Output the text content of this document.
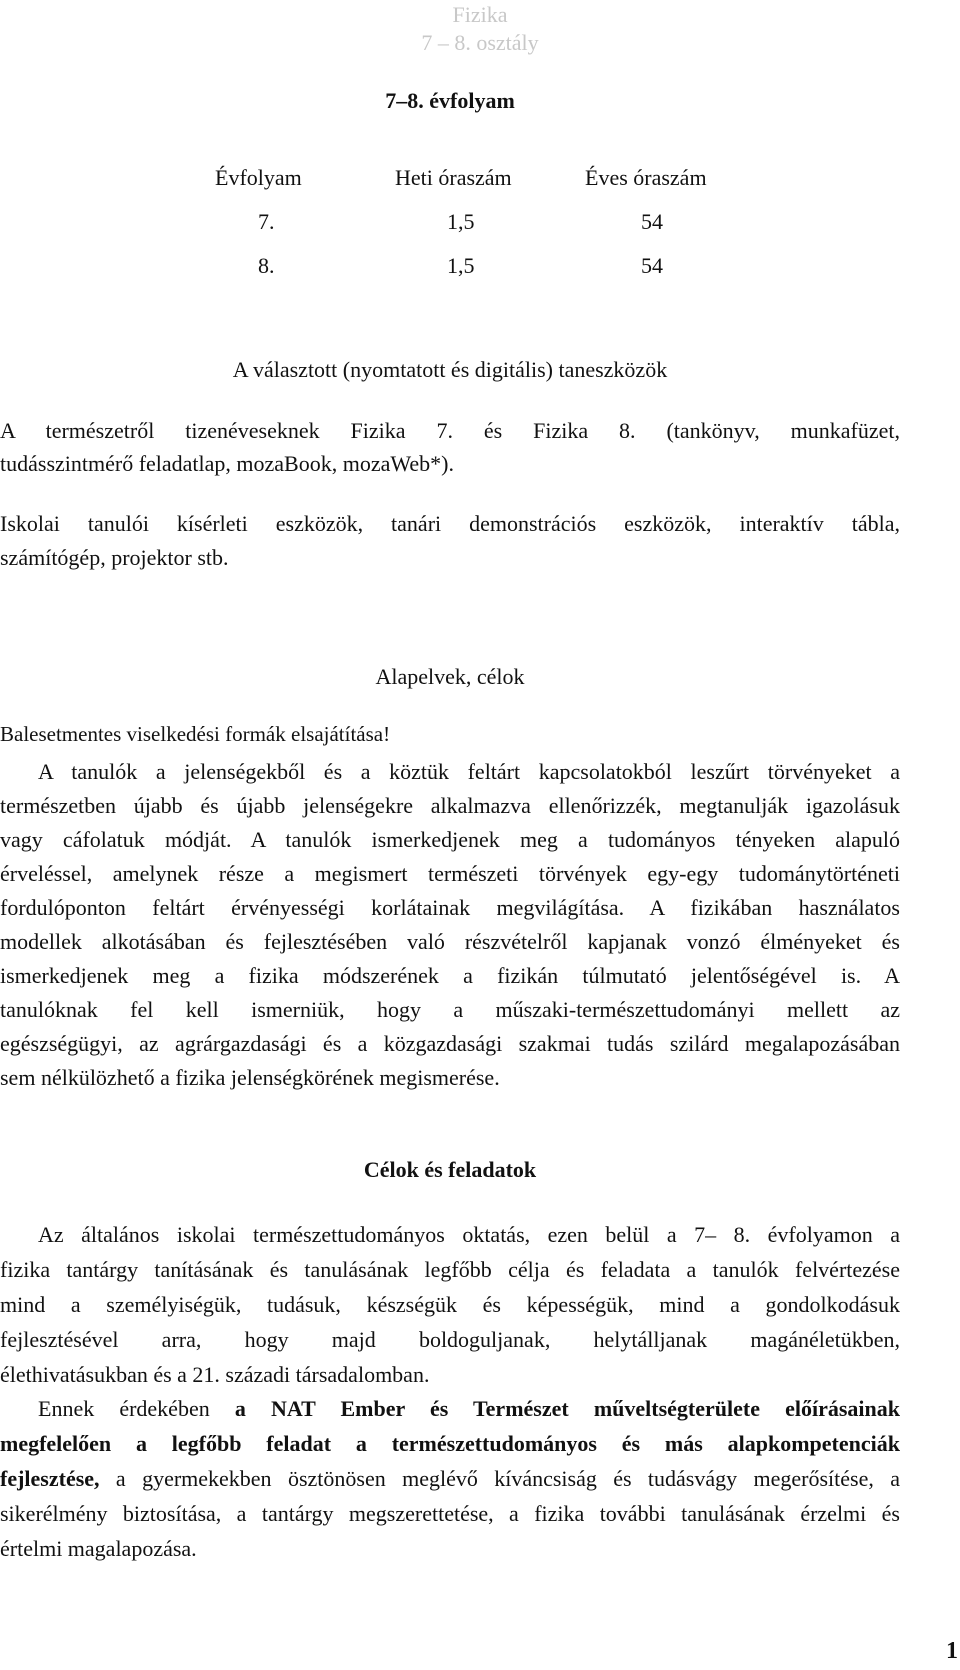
Fizika
7 – 8. osztály
7–8. évfolyam
Évfolyam	Heti óraszám	Éves óraszám
7.	1,5	54
8.	1,5	54
A választott (nyomtatott és digitális) taneszközök
A természetről tizenéveseknek Fizika 7. és Fizika 8. (tankönyv, munkafüzet,
tudásszintmérő feladatlap, mozaBook, mozaWeb*).
Iskolai tanulói kísérleti eszközök, tanári demonstrációs eszközök, interaktív tábla,
számítógép, projektor stb.
Alapelvek, célok
Balesetmentes viselkedési formák elsajátítása!
A tanulók a jelenségekből és a köztük feltárt kapcsolatokból leszűrt törvényeket a
természetben újabb és újabb jelenségekre alkalmazva ellenőrizzék, megtanulják igazolásuk
vagy cáfolatuk módját. A tanulók ismerkedjenek meg a tudományos tényeken alapuló
érveléssel, amelynek része a megismert természeti törvények egy-egy tudománytörténeti
fordulóponton feltárt érvényességi korlátainak megvilágítása. A fizikában használatos
modellek alkotásában és fejlesztésében való részvételről kapjanak vonzó élményeket és
ismerkedjenek meg a fizika módszerének a fizikán túlmutató jelentőségével is. A
tanulóknak fel kell ismerniük, hogy a műszaki-természettudományi mellett az
egészségügyi, az agrárgazdasági és a közgazdasági szakmai tudás szilárd megalapozásában
sem nélkülözhető a fizika jelenségkörének megismerése.
Célok és feladatok
Az általános iskolai természettudományos oktatás, ezen belül a 7– 8. évfolyamon a
fizika tantárgy tanításának és tanulásának legfőbb célja és feladata a tanulók felvértezése
mind a személyiségük, tudásuk, készségük és képességük, mind a gondolkodásuk
fejlesztésével arra, hogy majd boldoguljanak, helytálljanak magánéletükben,
élethivatásukban és a 21. századi társadalomban.
Ennek érdekében a NAT Ember és Természet műveltségterülete előírásainak
megfelelően a legfőbb feladat a természettudományos és más alapkompetenciák
fejlesztése, a gyermekekben ösztönösen meglévő kíváncsiság és tudásvágy megerősítése, a
sikerélmény biztosítása, a tantárgy megszerettetése, a fizika további tanulásának érzelmi és
értelmi magalapozása.
1
